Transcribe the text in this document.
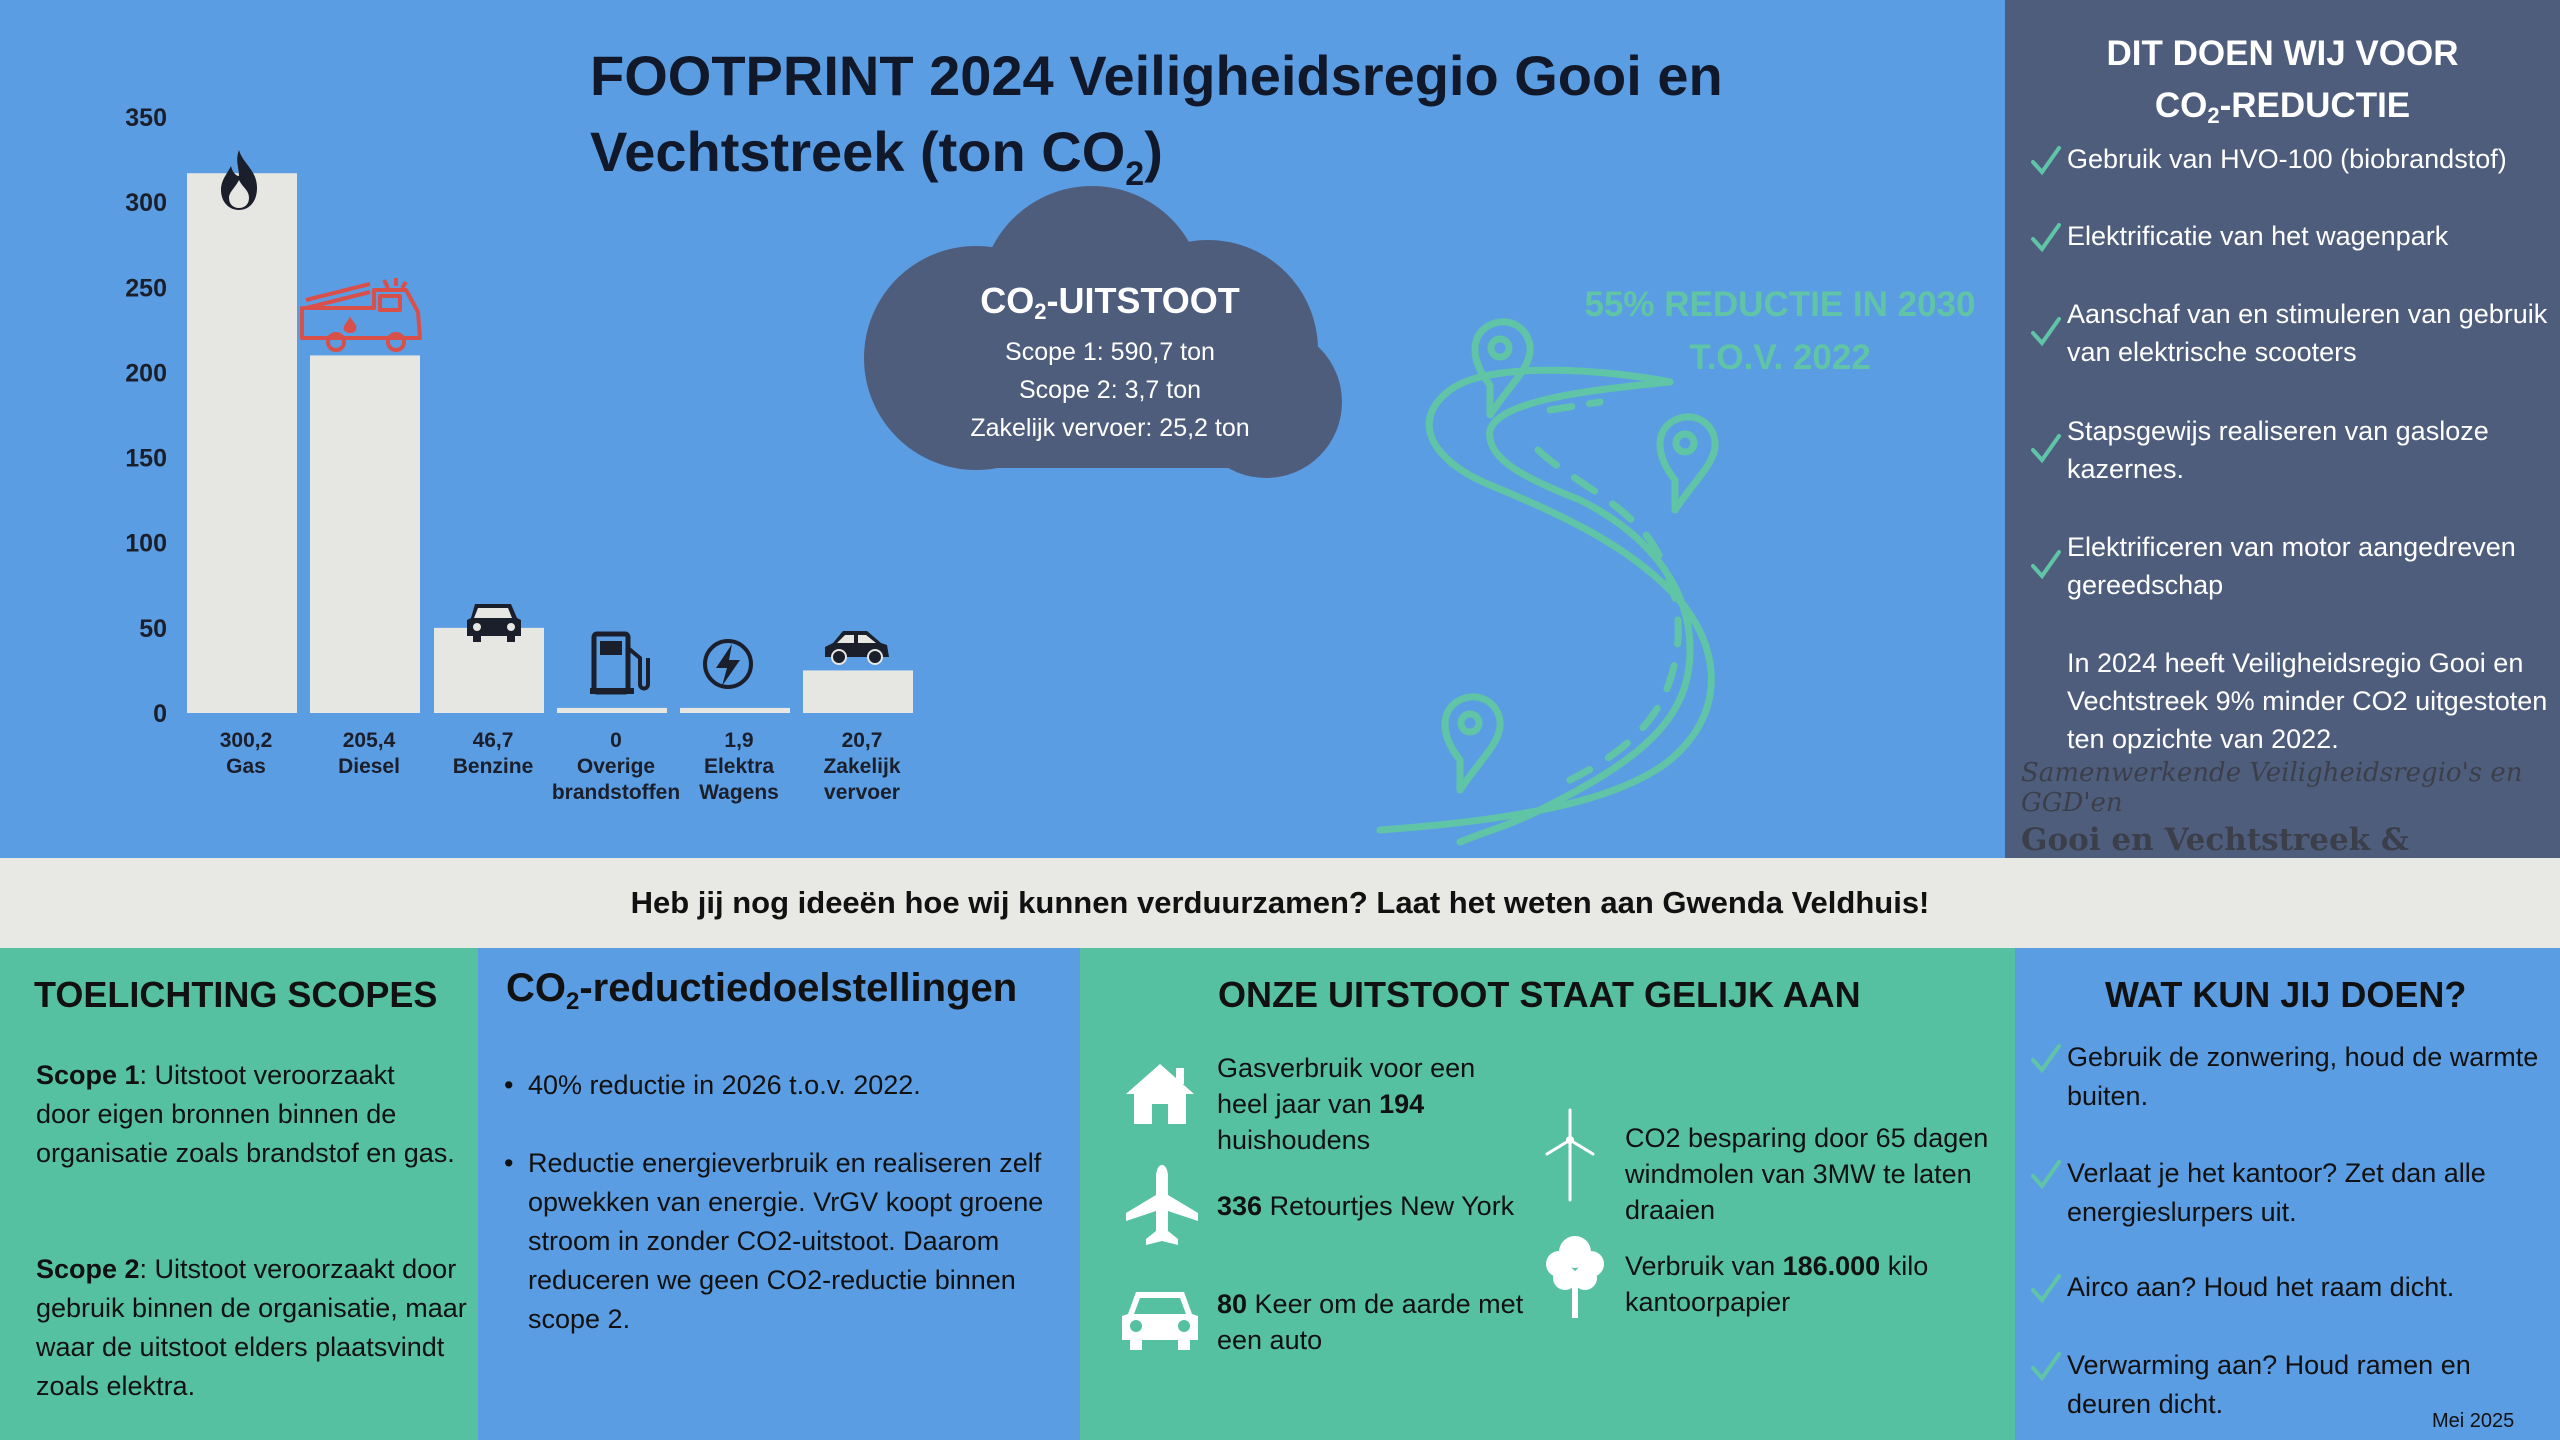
0
50
100
150
200
250
300
350
300,2
Gas
205,4
Diesel
46,7
Benzine
0
Overige
brandstoffen
1,9
Elektra
Wagens
20,7
Zakelijk
vervoer
FOOTPRINT 2024 Veiligheidsregio Gooi en
Vechtstreek (ton $CO_2$)
$CO_2$-UITSTOOT
Scope 1: 590,7 ton
Scope 2: 3,7 ton
Zakelijk vervoer: 25,2 ton
55% REDUCTIE IN 2030
T.O.V. 2022
DIT DOEN WIJ VOOR
$CO_2$-REDUCTIE
Gebruik van HVO-100 (biobrandstof)
Elektrificatie van het wagenpark
Aanschaf van en stimuleren van gebruik van elektrische scooters
Stapsgewijs realiseren van gasloze kazernes.
Elektrificeren van motor aangedreven gereedschap
In 2024 heeft Veiligheidsregio Gooi en Vechtstreek 9% minder CO2 uitgestoten ten opzichte van 2022.
Samenwerkende Veiligheidsregio's en GGD'en
Gooi en Vechtstreek &
Heb jij nog ideeën hoe wij kunnen verduurzamen? Laat het weten aan Gwenda Veldhuis!
TOELICHTING SCOPES
Scope 1: Uitstoot veroorzaakt door eigen bronnen binnen de organisatie zoals brandstof en gas.
Scope 2: Uitstoot veroorzaakt door gebruik binnen de organisatie, maar waar de uitstoot elders plaatsvindt zoals elektra.
$CO_2$-reductiedoelstellingen
• 40% reductie in 2026 t.o.v. 2022.
• Reductie energieverbruik en realiseren zelf opwekken van energie. VrGV koopt groene stroom in zonder CO2-uitstoot. Daarom reduceren we geen CO2-reductie binnen scope 2.
ONZE UITSTOOT STAAT GELIJK AAN
Gasverbruik voor een heel jaar van 194 huishoudens
336 Retourtjes New York
80 Keer om de aarde met een auto
CO2 besparing door 65 dagen windmolen van 3MW te laten draaien
Verbruik van 186.000 kilo kantoorpapier
WAT KUN JIJ DOEN?
Gebruik de zonwering, houd de warmte buiten.
Verlaat je het kantoor? Zet dan alle energieslurpers uit.
Airco aan? Houd het raam dicht.
Verwarming aan? Houd ramen en deuren dicht.
Mei 2025
